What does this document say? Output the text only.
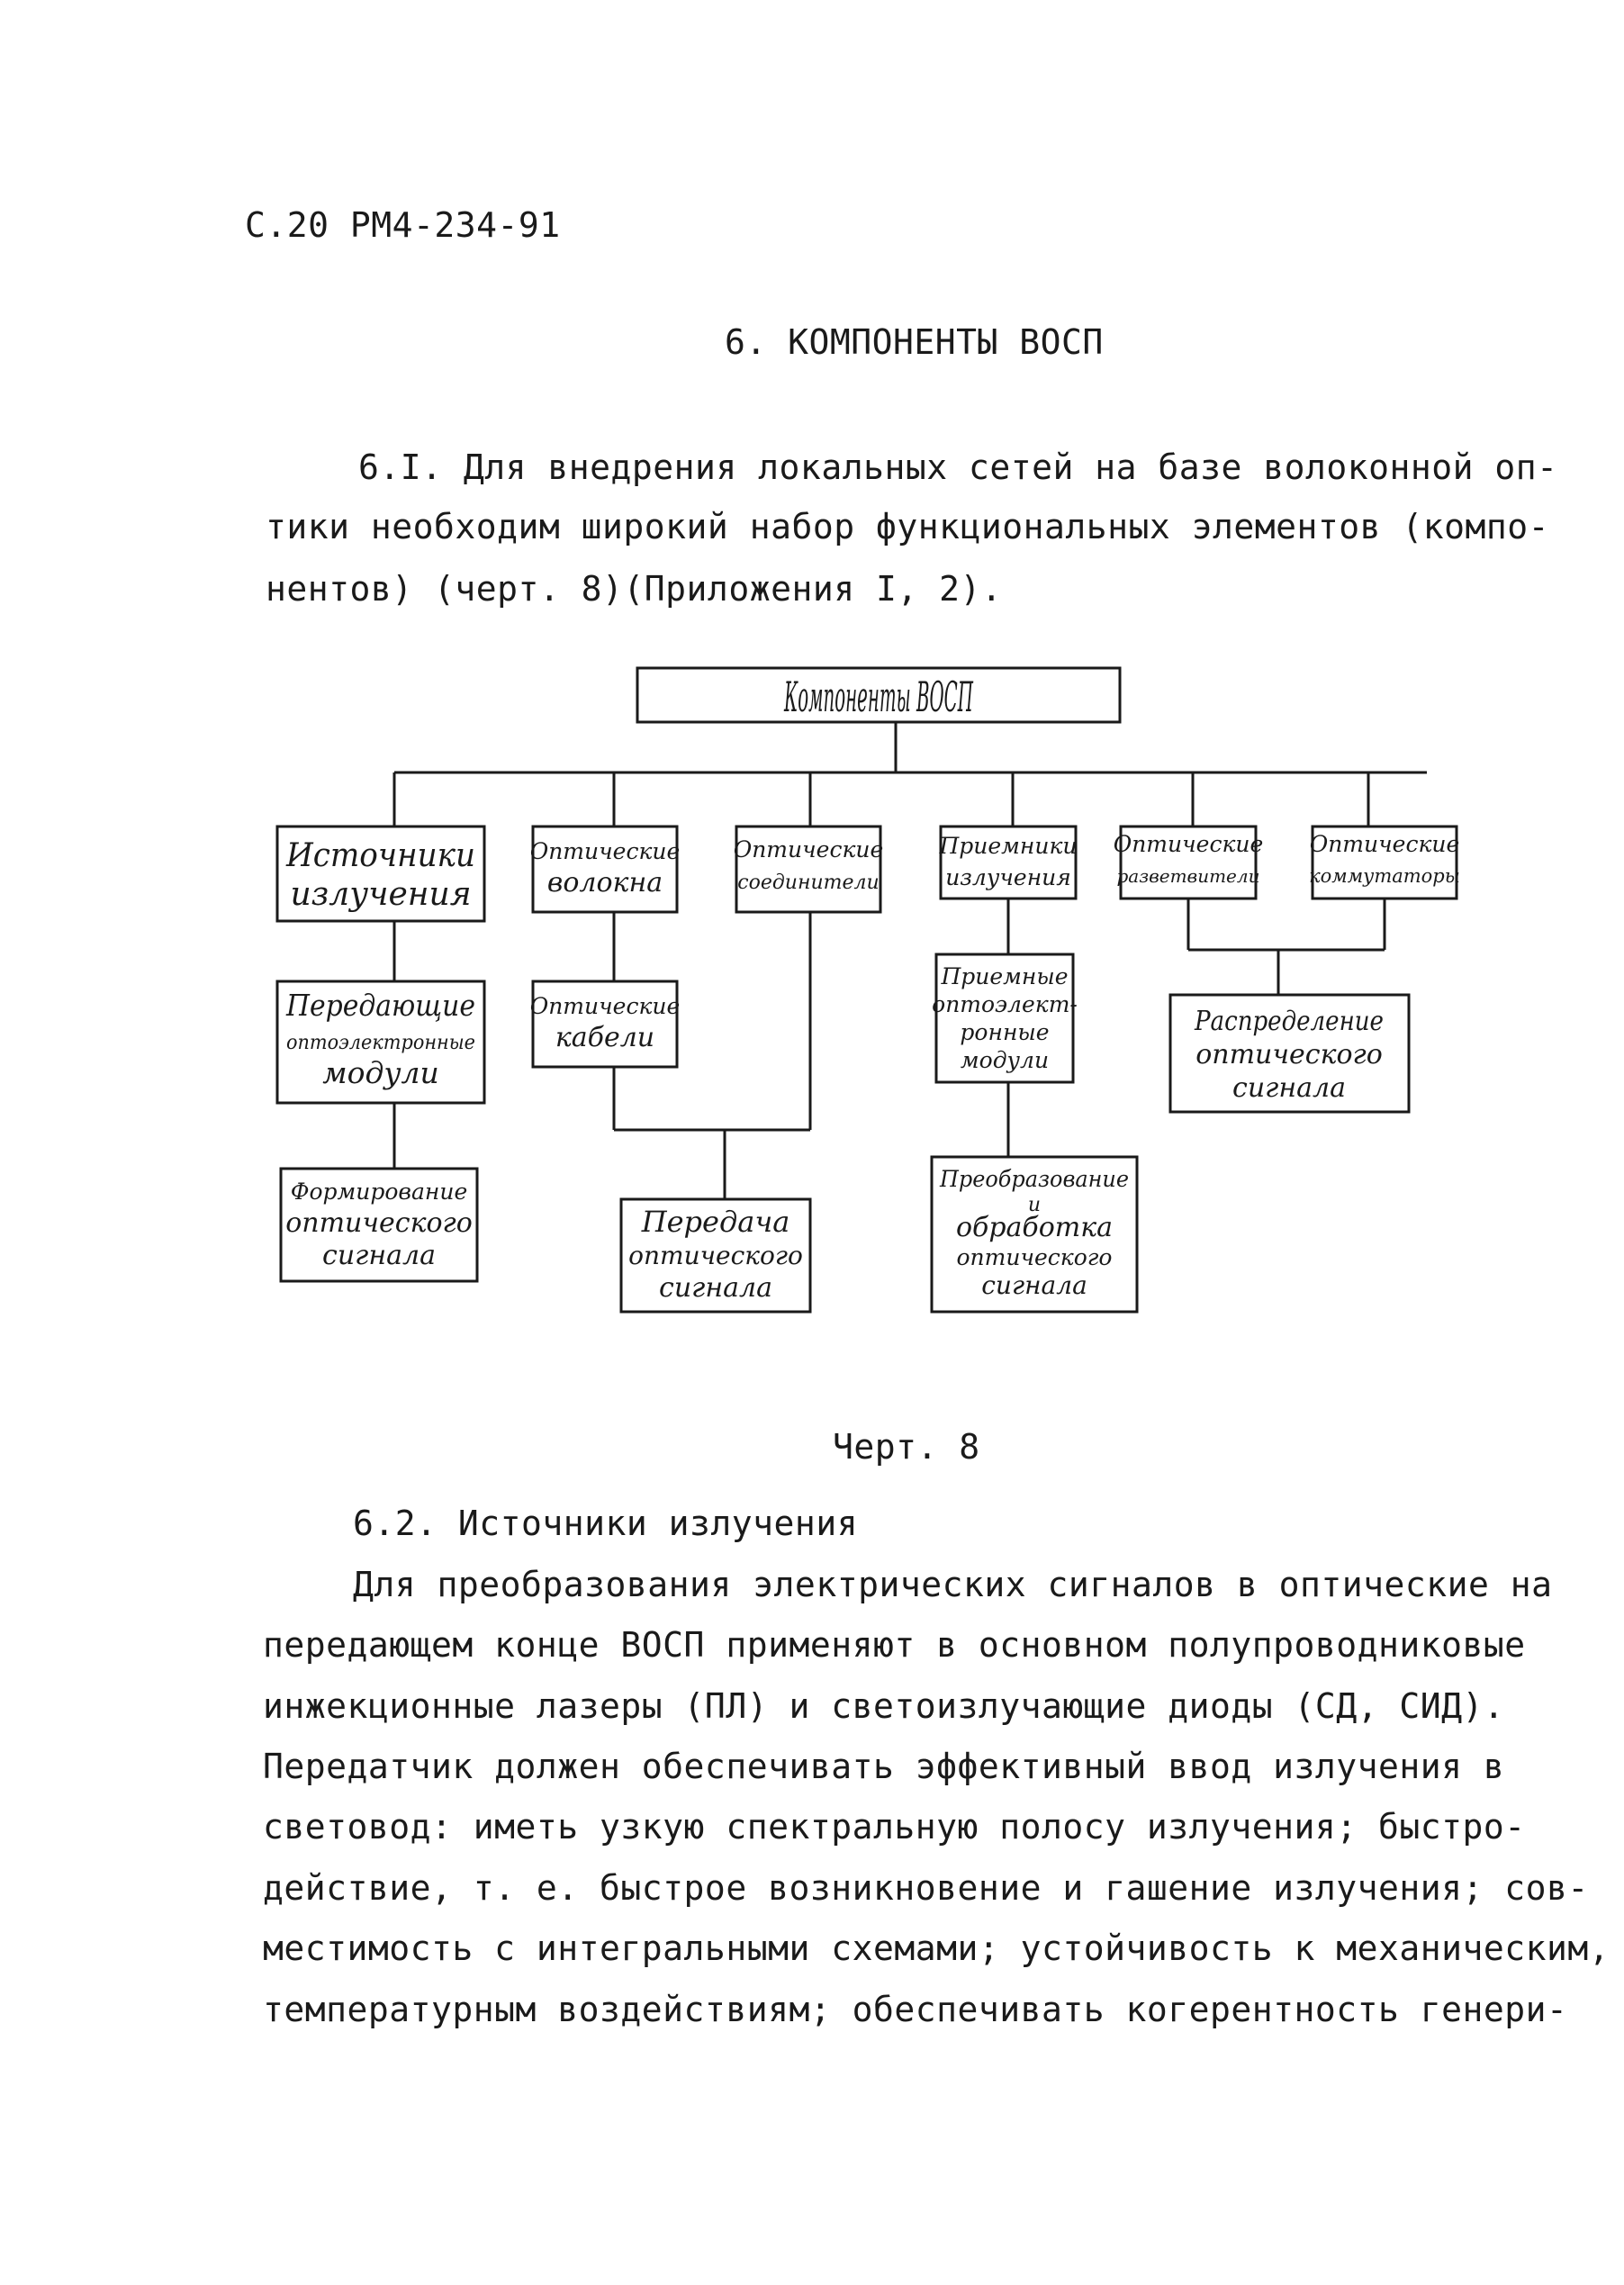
С.20 РМ4-234-91
6. КОМПОНЕНТЫ ВОСП
6.I. Для внедрения локальных сетей на базе волоконной оп-
тики необходим широкий набор функциональных элементов (компо-
нентов) (черт. 8)(Приложения I, 2).
Компоненты ВОСП
Источники
излучения
Оптические
волокна
Оптические
соединители
Приемники
излучения
Оптические
разветвители
Оптические
коммутаторы
Передающие
оптоэлектронные
модули
Формирование
оптического
сигнала
Оптические
кабели
Передача
оптического
сигнала
Приемные
оптоэлект-
ронные
модули
Преобразование
и
обработка
оптического
сигнала
Распределение
оптического
сигнала
Черт. 8
6.2. Источники излучения
Для преобразования электрических сигналов в оптические на
передающем конце ВОСП применяют в основном полупроводниковые
инжекционные лазеры (ПЛ) и светоизлучающие диоды (СД, СИД).
Передатчик должен обеспечивать эффективный ввод излучения в
световод: иметь узкую спектральную полосу излучения; быстро-
действие, т. е. быстрое возникновение и гашение излучения; сов-
местимость с интегральными схемами; устойчивость к механическим,
температурным воздействиям; обеспечивать когерентность генери-
